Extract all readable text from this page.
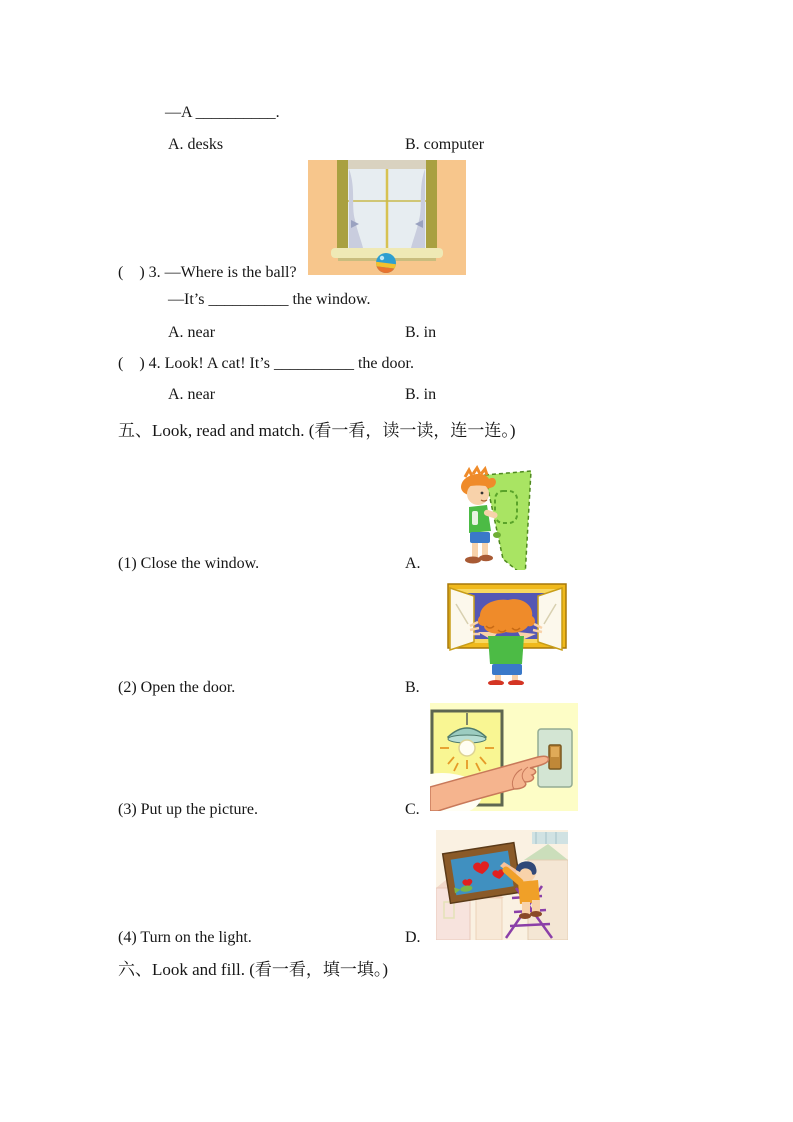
—A __________.
A. desks	B. computer
(    ) 3. —Where is the ball?
—It’s __________ the window.
A. near	B. in
(    ) 4. Look! A cat! It’s __________ the door.
A. near	B. in
五、Look, read and match. (看一看，读一读，连一连。)
(1) Close the window.	A.
(2) Open the door.	B.
(3) Put up the picture.	C.
(4) Turn on the light.	D.
六、Look and fill. (看一看，填一填。)
